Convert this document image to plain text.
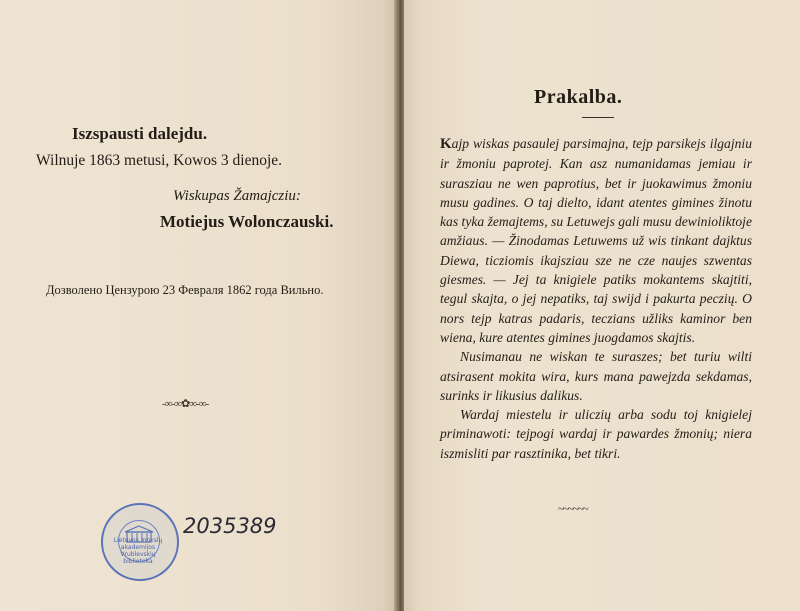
Iszspausti dalejdu.
Wilnuje 1863 metusi, Kowos 3 dienoje.
Wiskupas Žamajcziu:
Motiejus Wolonczauski.
Дозволено Цензурою 23 Февраля 1862 года Вильно.
-∞-∞✿∞-∞-
Lietuvos mokslų akademijos Vrublevskių biblioteka
2035389
Prakalba.

Kajp wiskas pasaulej parsimajna, tejp parsikejs ilgajniu ir žmoniu paprotej. Kan asz numanidamas jemiau ir surasziau ne wen paprotius, bet ir juokawimus žmoniu musu gadines. O taj dielto, idant atentes gimines žinotu kas tyka žemajtems, su Letuwejs gali musu dewinioliktoje amžiaus. — Žinodamas Letuwems už wis tinkant dajktus Diewa, ticziomis ikajsziau sze ne cze naujes szwentas giesmes. — Jej ta knigiele patiks mokantems skajtiti, tegul skajta, o jej nepatiks, taj swijd i pakurta peczių. O nors tejp katras padaris, teczians užliks kaminor ben wiena, kure atentes gimines juogdamos skajtis.

Nusimanau ne wiskan te suraszes; bet turiu wilti atsirasent mokita wira, kurs mana pawejzda sekdamas, surinks ir likusius dalikus.

Wardaj miestelu ir uliczių arba sodu toj knigielej priminawoti: tejpogi wardaj ir pawardes žmonių; niera iszmisliti par rasztinika, bet tikri.

~~~~~~
